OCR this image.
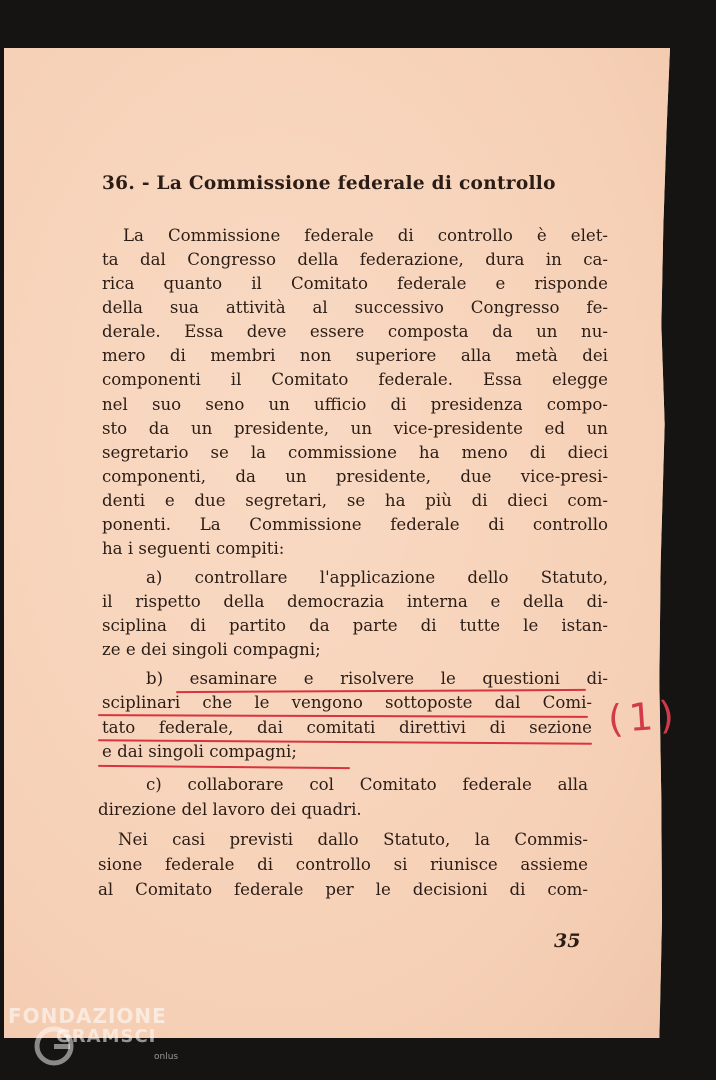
36. - La Commissione federale di controllo
La Commissione federale di controllo è elet-
ta dal Congresso della federazione, dura in ca-
rica quanto il Comitato federale e risponde
della sua attività al successivo Congresso fe-
derale. Essa deve essere composta da un nu-
mero di membri non superiore alla metà dei
componenti il Comitato federale. Essa elegge
nel suo seno un ufficio di presidenza compo-
sto da un presidente, un vice-presidente ed un
segretario se la commissione ha meno di dieci
componenti, da un presidente, due vice-presi-
denti e due segretari, se ha più di dieci com-
ponenti. La Commissione federale di controllo
ha i seguenti compiti:
a) controllare l'applicazione dello Statuto,
il rispetto della democrazia interna e della di-
sciplina di partito da parte di tutte le istan-
ze e dei singoli compagni;
b) esaminare e risolvere le questioni di-
sciplinari che le vengono sottoposte dal Comi-
tato federale, dai comitati direttivi di sezione
e dai singoli compagni;
c) collaborare col Comitato federale alla
direzione del lavoro dei quadri.
Nei casi previsti dallo Statuto, la Commis-
sione federale di controllo si riunisce assieme
al Comitato federale per le decisioni di com-
(1)
35
FONDAZIONE
GRAMSCI
onlus
